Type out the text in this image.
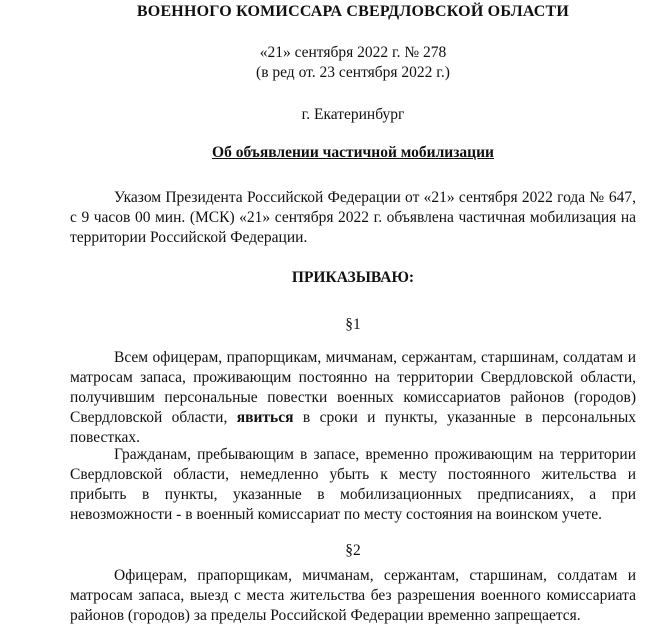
ВОЕННОГО КОМИССАРА СВЕРДЛОВСКОЙ ОБЛАСТИ
«21» сентября 2022 г. № 278
(в ред от. 23 сентября 2022 г.)
г. Екатеринбург
Об объявлении частичной мобилизации

Указом Президента Российской Федерации от «21» сентября 2022 года № 647, с 9 часов 00 мин. (МСК) «21» сентября 2022 г. объявлена частичная мобилизация на территории Российской Федерации.

ПРИКАЗЫВАЮ:
§1

Всем офицерам, прапорщикам, мичманам, сержантам, старшинам, солдатам и матросам запаса, проживающим постоянно на территории Свердловской области, получившим персональные повестки военных комиссариатов районов (городов) Свердловской области, явиться в сроки и пункты, указанные в персональных повестках.

Гражданам, пребывающим в запасе, временно проживающим на территории Свердловской области, немедленно убыть к месту постоянного жительства и прибыть в пункты, указанные в мобилизационных предписаниях, а при невозможности - в военный комиссариат по месту состояния на воинском учете.

§2

Офицерам, прапорщикам, мичманам, сержантам, старшинам, солдатам и матросам запаса, выезд с места жительства без разрешения военного комиссариата районов (городов) за пределы Российской Федерации временно запрещается.
